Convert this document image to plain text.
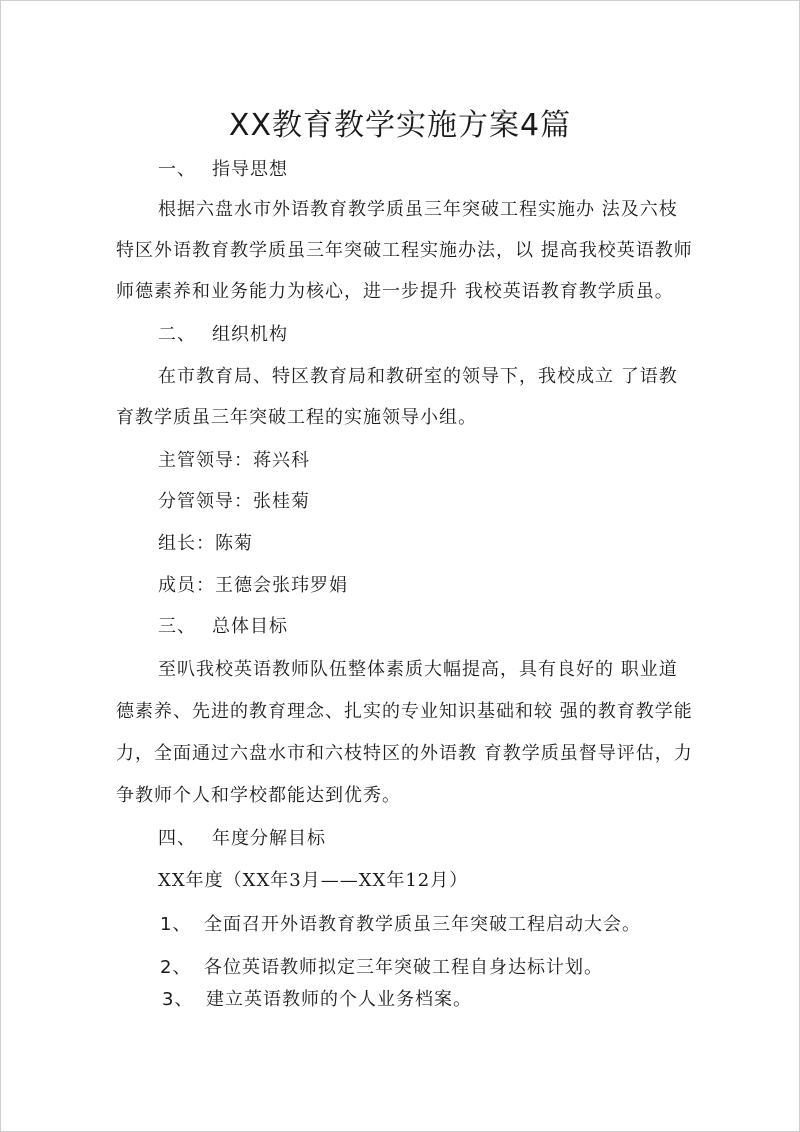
XX教育教学实施方案4篇
一、 指导思想
根据六盘水市外语教育教学质虽三年突破工程实施办 法及六枝
特区外语教育教学质虽三年突破工程实施办法，以 提高我校英语教师
师德素养和业务能力为核心，进一步提升 我校英语教育教学质虽。
二、 组织机构
在市教育局、特区教育局和教研室的领导下，我校成立 了语教
育教学质虽三年突破工程的实施领导小组。
主管领导：蒋兴科
分管领导：张桂菊
组长：陈菊
成员：王德会张玮罗娟
三、 总体目标
至叭我校英语教师队伍整体素质大幅提高，具有良好的 职业道
德素养、先进的教育理念、扎实的专业知识基础和较 强的教育教学能
力，全面通过六盘水市和六枝特区的外语教 育教学质虽督导评估，力
争教师个人和学校都能达到优秀。
四、 年度分解目标
XX年度（XX年3月——XX年12月）
1、 全面召开外语教育教学质虽三年突破工程启动大会。
2、 各位英语教师拟定三年突破工程自身达标计划。
3、 建立英语教师的个人业务档案。
